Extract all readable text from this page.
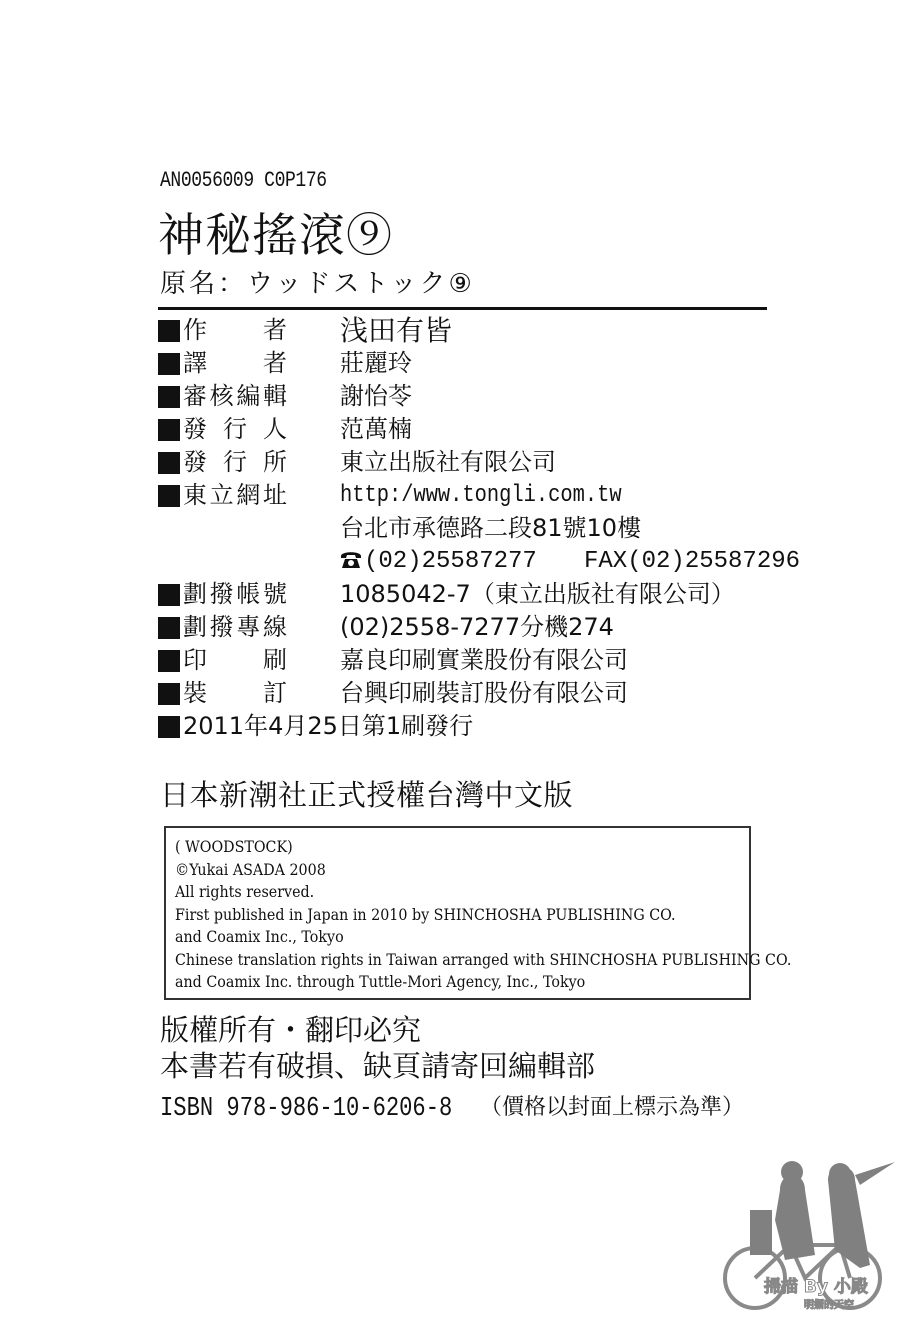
AN0056009 C0P176
神秘搖滾⑨
原名：ウッドストック⑨
作　　者 浅田有皆
譯　　者 莊麗玲
審核編輯 謝怡苓
發 行 人 范萬楠
發 行 所 東立出版社有限公司
東立網址 http:/www.tongli.com.tw
台北市承德路二段81號10樓
(02)25587277 FAX(02)25587296
劃撥帳號 1085042-7（東立出版社有限公司）
劃撥專線 (02)2558-7277分機274
印　　刷 嘉良印刷實業股份有限公司
裝　　訂 台興印刷裝訂股份有限公司
2011年4月25日第1刷發行
日本新潮社正式授權台灣中文版
( WOODSTOCK)
©Yukai ASADA 2008
All rights reserved.
First published in Japan in 2010 by SHINCHOSHA PUBLISHING CO.
and Coamix Inc., Tokyo
Chinese translation rights in Taiwan arranged with SHINCHOSHA PUBLISHING CO.
and Coamix Inc. through Tuttle-Mori Agency, Inc., Tokyo
版權所有・翻印必究
本書若有破損、缺頁請寄回編輯部
ISBN 978-986-10-6206-8 （價格以封面上標示為準）
掃描 By 小殿
明媚的天空
